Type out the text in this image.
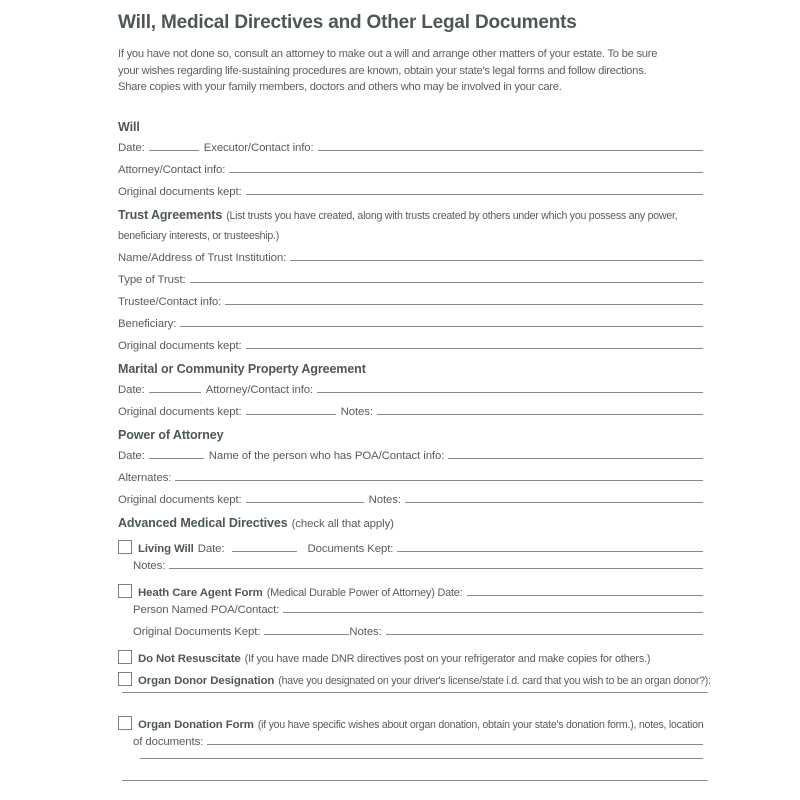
Will, Medical Directives and Other Legal Documents
If you have not done so, consult an attorney to make out a will and arrange other matters of your estate. To be sure
your wishes regarding life-sustaining procedures are known, obtain your state's legal forms and follow directions.
Share copies with your family members, doctors and others who may be involved in your care.
Will
Date:	Executor/Contact info:
Attorney/Contact info:
Original documents kept:
Trust Agreements (List trusts you have created, along with trusts created by others under which you possess any power,
beneficiary interests, or trusteeship.)
Name/Address of Trust Institution:
Type of Trust:
Trustee/Contact info:
Beneficiary:
Original documents kept:
Marital or Community Property Agreement
Date:	Attorney/Contact info:
Original documents kept:	Notes:
Power of Attorney
Date:	Name of the person who has POA/Contact info:
Alternates:
Original documents kept:	Notes:
Advanced Medical Directives (check all that apply)
Living Will Date:	Documents Kept:
Notes:
Heath Care Agent Form (Medical Durable Power of Attorney) Date:
Person Named POA/Contact:
Original Documents Kept:	Notes:
Do Not Resuscitate (If you have made DNR directives post on your refrigerator and make copies for others.)
Organ Donor Designation (have you designated on your driver's license/state i.d. card that you wish to be an organ donor?):
Organ Donation Form (if you have specific wishes about organ donation, obtain your state's donation form.), notes, location
of documents:
